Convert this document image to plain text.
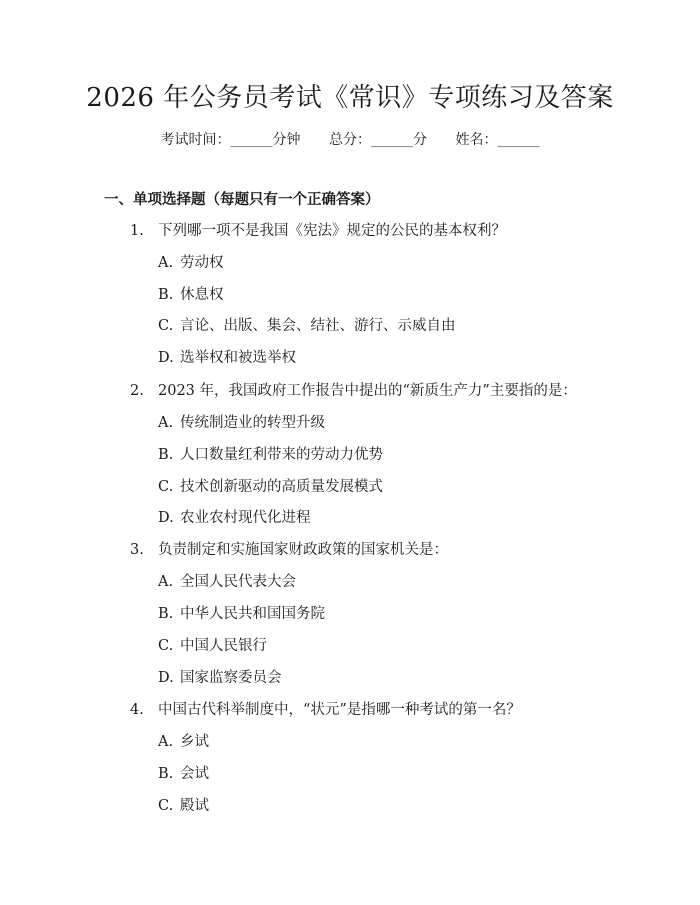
2026 年公务员考试《常识》专项练习及答案
考试时间：______分钟 总分：______分 姓名：______
一、单项选择题（每题只有一个正确答案）
1. 下列哪一项不是我国《宪法》规定的公民的基本权利？
A. 劳动权
B. 休息权
C. 言论、出版、集会、结社、游行、示威自由
D. 选举权和被选举权
2. 2023 年，我国政府工作报告中提出的“新质生产力”主要指的是：
A. 传统制造业的转型升级
B. 人口数量红利带来的劳动力优势
C. 技术创新驱动的高质量发展模式
D. 农业农村现代化进程
3. 负责制定和实施国家财政政策的国家机关是：
A. 全国人民代表大会
B. 中华人民共和国国务院
C. 中国人民银行
D. 国家监察委员会
4. 中国古代科举制度中，“状元”是指哪一种考试的第一名？
A. 乡试
B. 会试
C. 殿试
